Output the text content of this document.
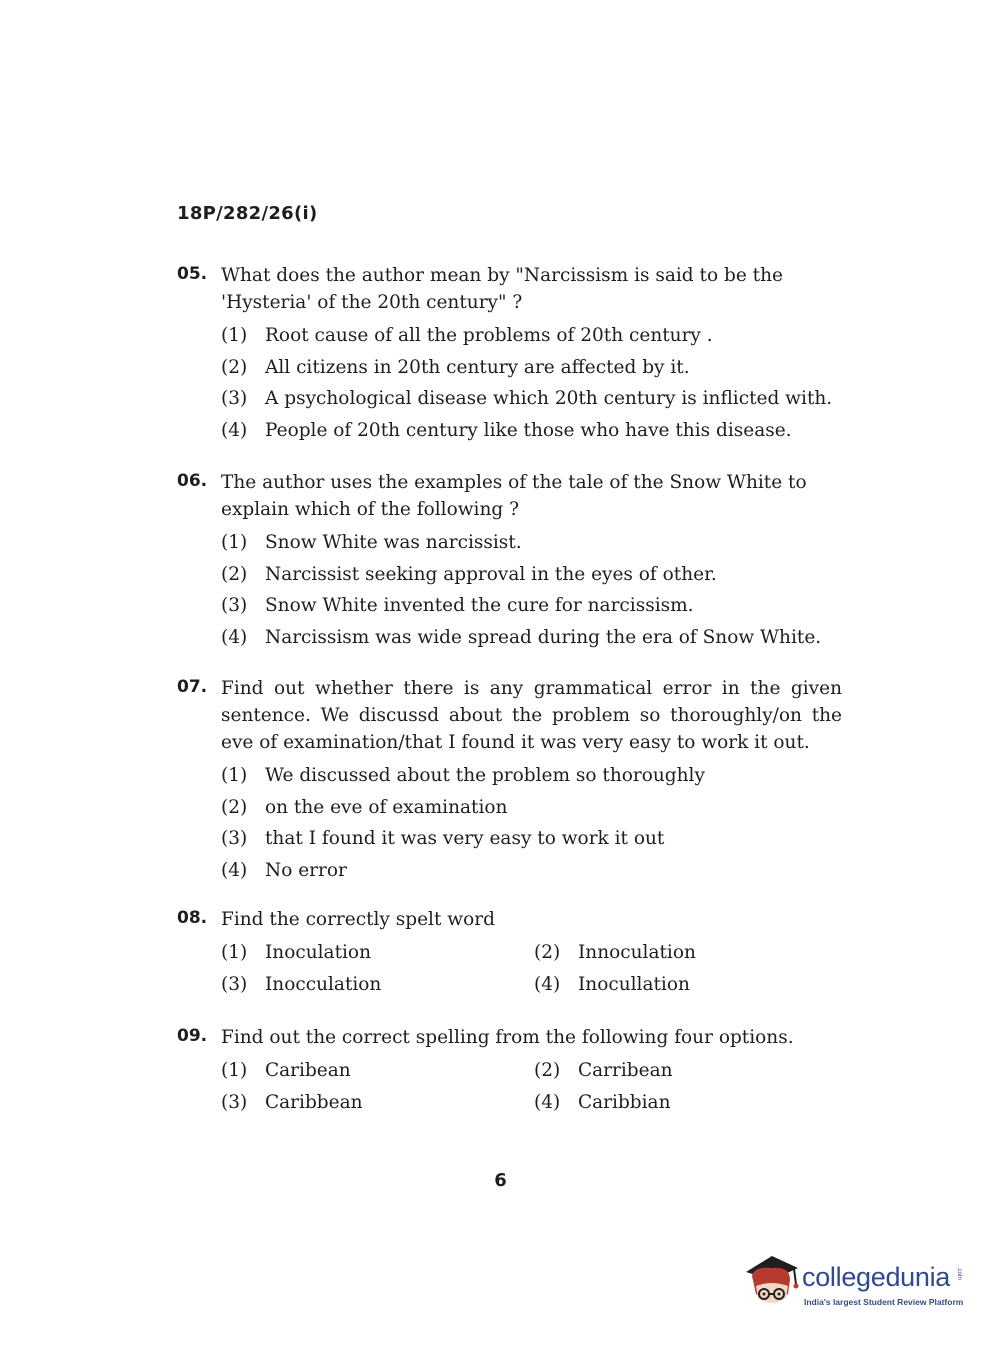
18P/282/26(i)
05. What does the author mean by "Narcissism is said to be the 'Hysteria' of the 20th century" ?
(1) Root cause of all the problems of 20th century .
(2) All citizens in 20th century are affected by it.
(3) A psychological disease which 20th century is inflicted with.
(4) People of 20th century like those who have this disease.
06. The author uses the examples of the tale of the Snow White to explain which of the following ?
(1) Snow White was narcissist.
(2) Narcissist seeking approval in the eyes of other.
(3) Snow White invented the cure for narcissism.
(4) Narcissism was wide spread during the era of Snow White.
07. Find out whether there is any grammatical error in the given sentence. We discussd about the problem so thoroughly/on the eve of examination/that I found it was very easy to work it out.
(1) We discussed about the problem so thoroughly
(2) on the eve of examination
(3) that I found it was very easy to work it out
(4) No error
08. Find the correctly spelt word
(1) Inoculation	(2) Innoculation
(3) Inocculation	(4) Inocullation
09. Find out the correct spelling from the following four options.
(1) Caribean	(2) Carribean
(3) Caribbean	(4) Caribbian
6
collegedunia .com
India's largest Student Review Platform
